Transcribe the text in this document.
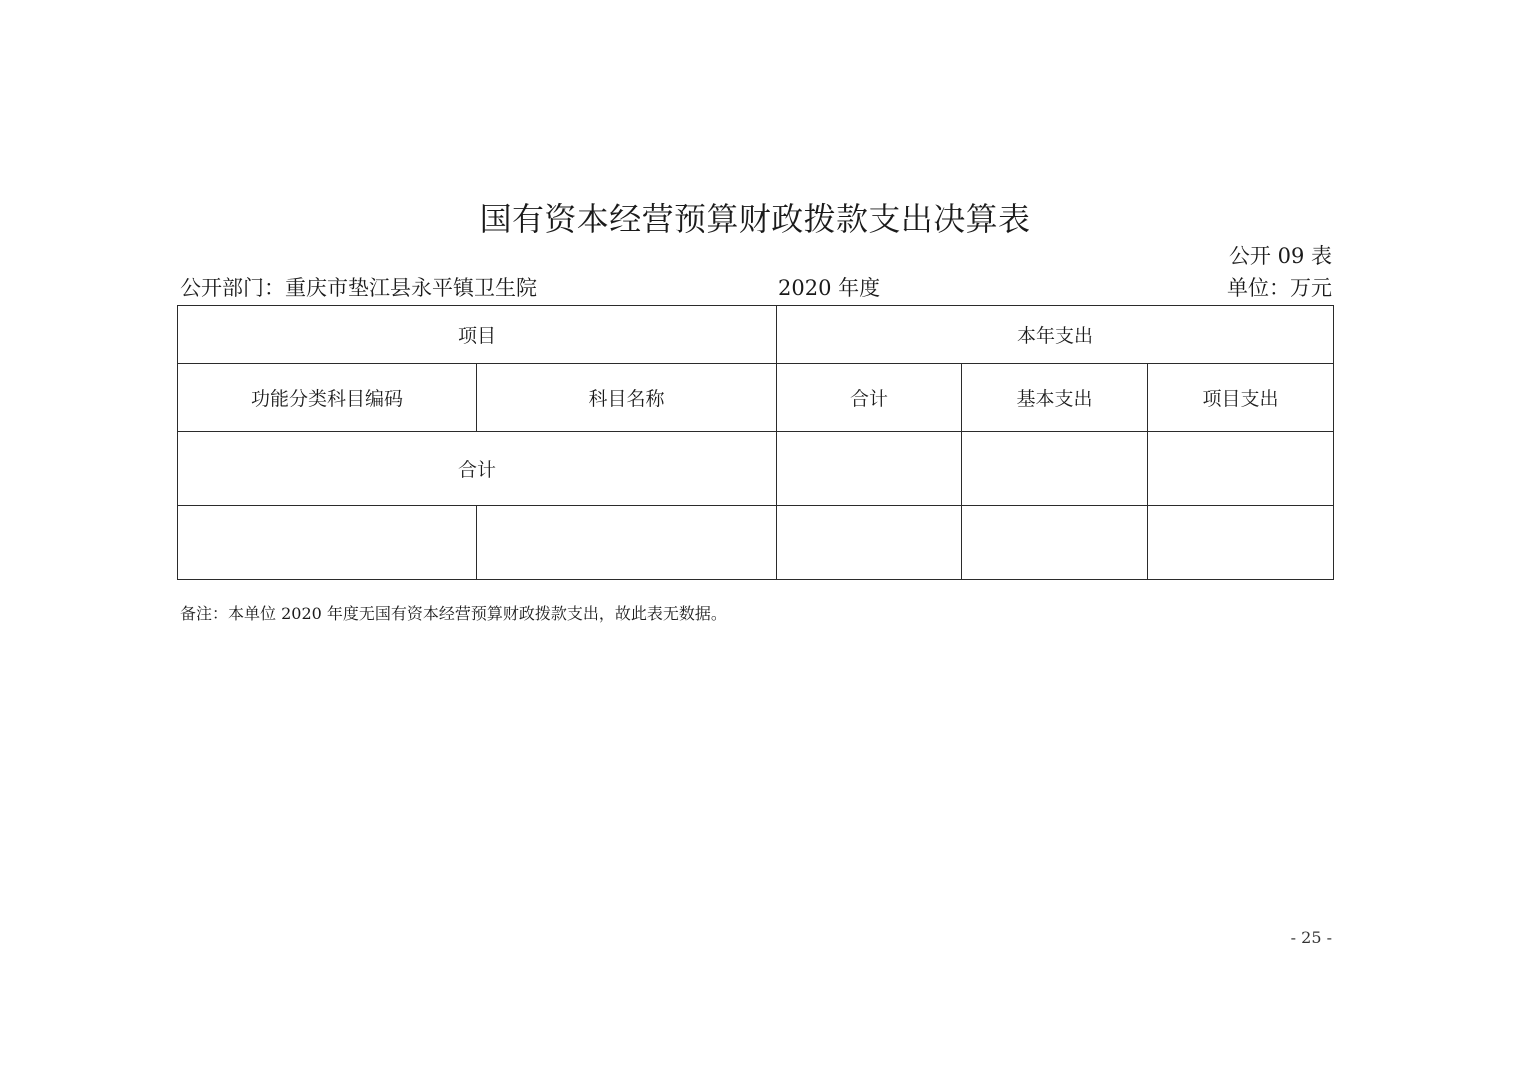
国有资本经营预算财政拨款支出决算表
公开 09 表
公开部门：重庆市垫江县永平镇卫生院	2020 年度	单位：万元
项目		本年支出		
功能分类科目编码	科目名称	合计	基本支出	项目支出
合计				

备注：本单位 2020 年度无国有资本经营预算财政拨款支出，故此表无数据。
- 25 -
